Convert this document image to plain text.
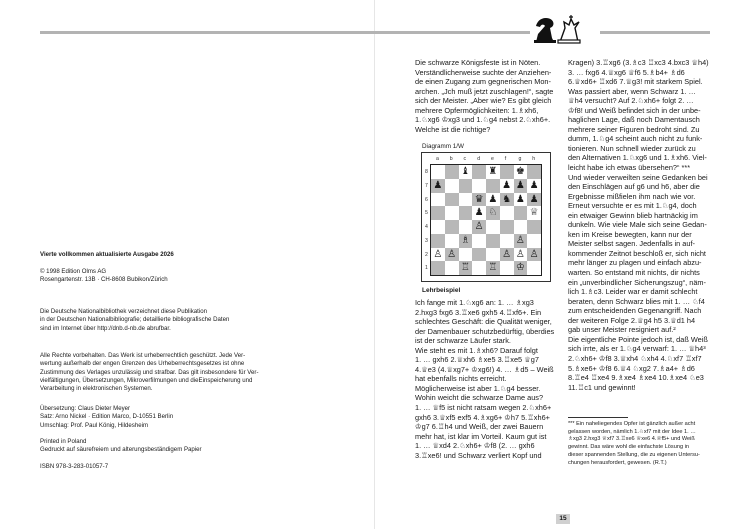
Vierte vollkommen aktualisierte Ausgabe 2026

© 1998 Edition Olms AG

Rosengartenstr. 13B · CH-8608 Bubikon/Zürich

Die Deutsche Nationalbibliothek verzeichnet diese Publikation

in der Deutschen Nationalbibliografie; detaillierte bibliografische Daten

sind im Internet über http://dnb.d-nb.de abrufbar.

Alle Rechte vorbehalten. Das Werk ist urheberrechtlich geschützt. Jede Ver-

wertung außerhalb der engen Grenzen des Urheberrechtsgesetzes ist ohne

Zustimmung des Verlages unzulässig und strafbar. Das gilt insbesondere für Ver-

vielfältigungen, Übersetzungen, Mikroverfilmungen und dieEinspeicherung und

Verarbeitung in elektronischen Systemen.

Übersetzung: Claus Dieter Meyer

Satz: Arno Nickel · Edition Marco, D-10551 Berlin

Umschlag: Prof. Paul König, Hildesheim

Printed in Poland

Gedruckt auf säurefreiem und alterungsbeständigem Papier

ISBN 978-3-283-01057-7

Die schwarze Königsfeste ist in Nöten.

Verständlicherweise suchte der Anziehen-

de einen Zugang zum gegnerischen Mon-

archen. „Jch muß jetzt zuschlagen!“, sagte

sich der Meister. „Aber wie? Es gibt gleich

mehrere Opfermöglichkeiten: 1.♗xh6,

1.♘xg6 ♔xg3 und 1.♘g4 nebst 2.♘xh6+.

Welche ist die richtige?

Diagramm 1/W
♝ ♜ ♚
♟	♟ ♟ ♟
♛ ♟ ♞ ♟ ♟
♟ ♘	♕
♙
♗	♙
♙ ♙	♙ ♙ ♙
♖ ♖ ♔
a b c d e f g h
8
7
6
5
4
3
2
1
Lehrbeispiel

Ich fange mit 1.♘xg6 an: 1. … ♗xg3

2.hxg3 fxg6 3.♖xe6 gxh5 4.♖xf6+. Ein

schlechtes Geschäft: die Qualität weniger,

der Damenbauer schutzbedürftig, überdies

ist der schwarze Läufer stark.

Wie steht es mit 1.♗xh6? Darauf folgt

1. … gxh6 2.♕xh6 ♗xe5 3.♖xe5 ♕g7

4.♕e3 (4.♕xg7+ ♔xg6!) 4. … ♗d5 – Weiß

hat ebenfalls nichts erreicht.

Möglicherweise ist aber 1.♘g4 besser.

Wohin weicht die schwarze Dame aus?

1. … ♕f5 ist nicht ratsam wegen 2.♘xh6+

gxh6 3.♕xf5 exf5 4.♗xg6+ ♔h7 5.♖xh6+

♔g7 6.♖h4 und Weiß, der zwei Bauern

mehr hat, ist klar im Vorteil. Kaum gut ist

1. … ♕xd4 2.♘xh6+ ♔f8 (2. … gxh6

3.♖xe6! und Schwarz verliert Kopf und

Kragen) 3.♖xg6 (3.♗c3 ♖xc3 4.bxc3 ♕h4)

3. … fxg6 4.♕xg6 ♕f6 5.♗b4+ ♗d6

6.♕xd6+ ♖xd6 7.♕g3! mit starkem Spiel.

Was passiert aber, wenn Schwarz 1. …

♕h4 versucht? Auf 2.♘xh6+ folgt 2. …

♔f8! und Weiß befindet sich in der unbe-

haglichen Lage, daß noch Damentausch

mehrere seiner Figuren bedroht sind. Zu

dumm, 1.♘g4 scheint auch nicht zu funk-

tionieren. Nun schnell wieder zurück zu

den Alternativen 1.♘xg6 und 1.♗xh6. Viel-

leicht habe ich etwas übersehen?“ ***

Und wieder verweilten seine Gedanken bei

den Einschlägen auf g6 und h6, aber die

Ergebnisse mißfielen ihm nach wie vor.

Erneut versuchte er es mit 1.♘g4, doch

ein etwaiger Gewinn blieb hartnäckig im

dunkeln. Wie viele Male sich seine Gedan-

ken im Kreise bewegten, kann nur der

Meister selbst sagen. Jedenfalls in auf-

kommender Zeitnot beschloß er, sich nicht

mehr länger zu plagen und einfach abzu-

warten. So entstand mit nichts, dir nichts

ein „unverbindlicher Sicherungszug“, näm-

lich 1.♗c3. Leider war er damit schlecht

beraten, denn Schwarz blies mit 1. … ♘f4

zum entscheidenden Gegenangriff. Nach

der weiteren Folge 2.♕g4 h5 3.♕d1 h4

gab unser Meister resigniert auf.²

Die eigentliche Pointe jedoch ist, daß Weiß

sich irrte, als er 1.♘g4 verwarf: 1. … ♕h4³

2.♘xh6+ ♔f8 3.♕xh4 ♘xh4 4.♘xf7 ♖xf7

5.♗xe6+ ♔f8 6.♕4 ♘xg2 7.♗a4+ ♗d6

8.♖e4 ♖xe4 9.♗xe4 ♗xe4 10.♗xe4 ♘e3

11.♖c1 und gewinnt!

*** Ein naheliegendes Opfer ist gänzlich außer acht
gelassen worden, nämlich 1.♘xf7 mit der Idee 1. …
♗xg3 2.hxg3 ♕xf7 3.♖xe6 ♕xe6 4.♕f5+ und Weiß
gewinnt. Das wäre wohl die einfachste Lösung in
dieser spannenden Stellung, die zu eigenen Untersu-
chungen herausfordert, gewesen. (R.T.)
15
